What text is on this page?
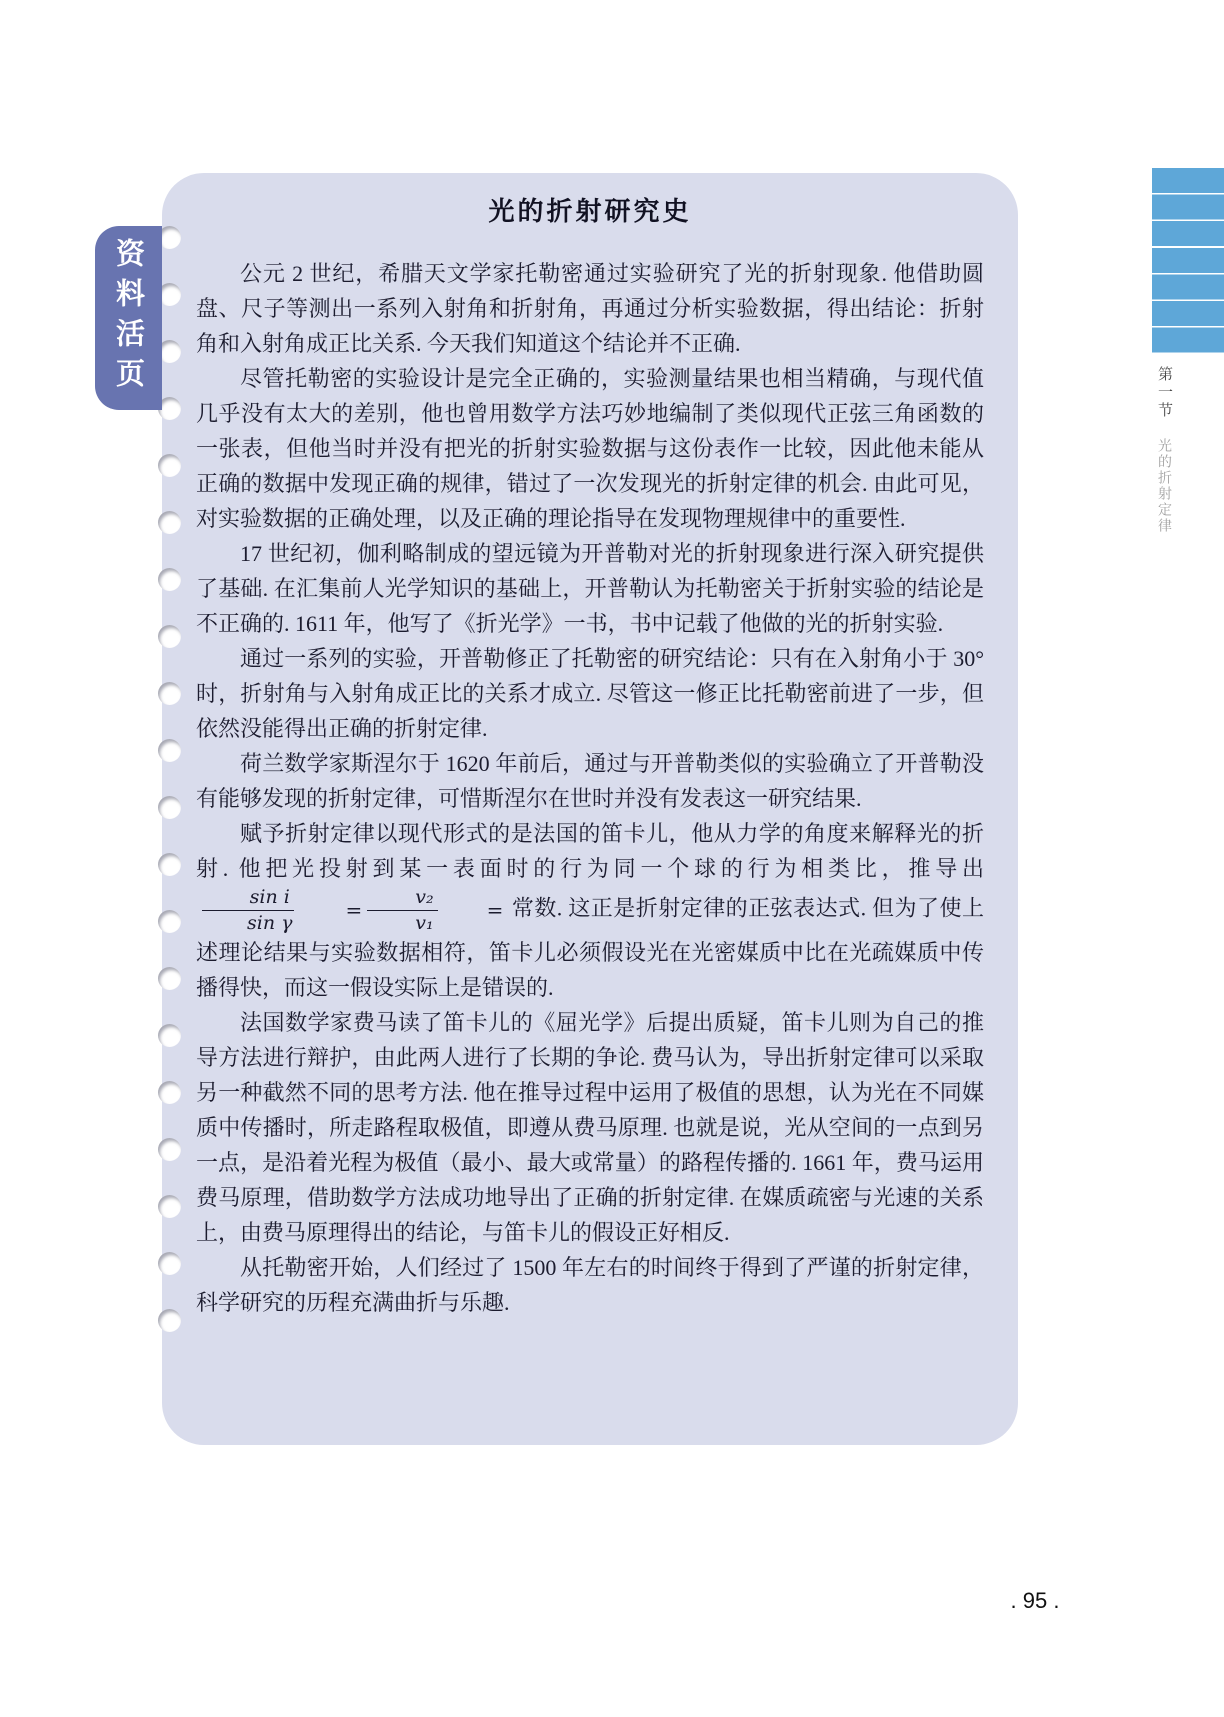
光的折射研究史

公元 2 世纪，希腊天文学家托勒密通过实验研究了光的折射现象. 他借助圆盘、尺子等测出一系列入射角和折射角，再通过分析实验数据，得出结论：折射角和入射角成正比关系. 今天我们知道这个结论并不正确.

尽管托勒密的实验设计是完全正确的，实验测量结果也相当精确，与现代值几乎没有太大的差别，他也曾用数学方法巧妙地编制了类似现代正弦三角函数的一张表，但他当时并没有把光的折射实验数据与这份表作一比较，因此他未能从正确的数据中发现正确的规律，错过了一次发现光的折射定律的机会. 由此可见，对实验数据的正确处理，以及正确的理论指导在发现物理规律中的重要性.

17 世纪初，伽利略制成的望远镜为开普勒对光的折射现象进行深入研究提供了基础. 在汇集前人光学知识的基础上，开普勒认为托勒密关于折射实验的结论是不正确的. 1611 年，他写了《折光学》一书，书中记载了他做的光的折射实验.

通过一系列的实验，开普勒修正了托勒密的研究结论：只有在入射角小于 30°时，折射角与入射角成正比的关系才成立. 尽管这一修正比托勒密前进了一步，但依然没能得出正确的折射定律.

荷兰数学家斯涅尔于 1620 年前后，通过与开普勒类似的实验确立了开普勒没有能够发现的折射定律，可惜斯涅尔在世时并没有发表这一研究结果.

赋予折射定律以现代形式的是法国的笛卡儿，他从力学的角度来解释光的折射. 他把光投射到某一表面时的行为同一个球的行为相类比，推导出
$\frac{\text{sin i}}{\text{sin γ}}$	= $\frac{\text{v₂}}{\text{v₁}}$	= 常数. 这正是折射定律的正弦表达式. 但为了使上述理论结果与实验数据相符，笛卡儿必须假设光在光密媒质中比在光疏媒质中传播得快，而这一假设实际上是错误的.

法国数学家费马读了笛卡儿的《屈光学》后提出质疑，笛卡儿则为自己的推导方法进行辩护，由此两人进行了长期的争论. 费马认为，导出折射定律可以采取另一种截然不同的思考方法. 他在推导过程中运用了极值的思想，认为光在不同媒质中传播时，所走路程取极值，即遵从费马原理. 也就是说，光从空间的一点到另一点，是沿着光程为极值（最小、最大或常量）的路程传播的. 1661 年，费马运用费马原理，借助数学方法成功地导出了正确的折射定律. 在媒质疏密与光速的关系上，由费马原理得出的结论，与笛卡儿的假设正好相反.

从托勒密开始，人们经过了 1500 年左右的时间终于得到了严谨的折射定律，科学研究的历程充满曲折与乐趣.

资料活页	第一节
光的折射定律
. 95 .
